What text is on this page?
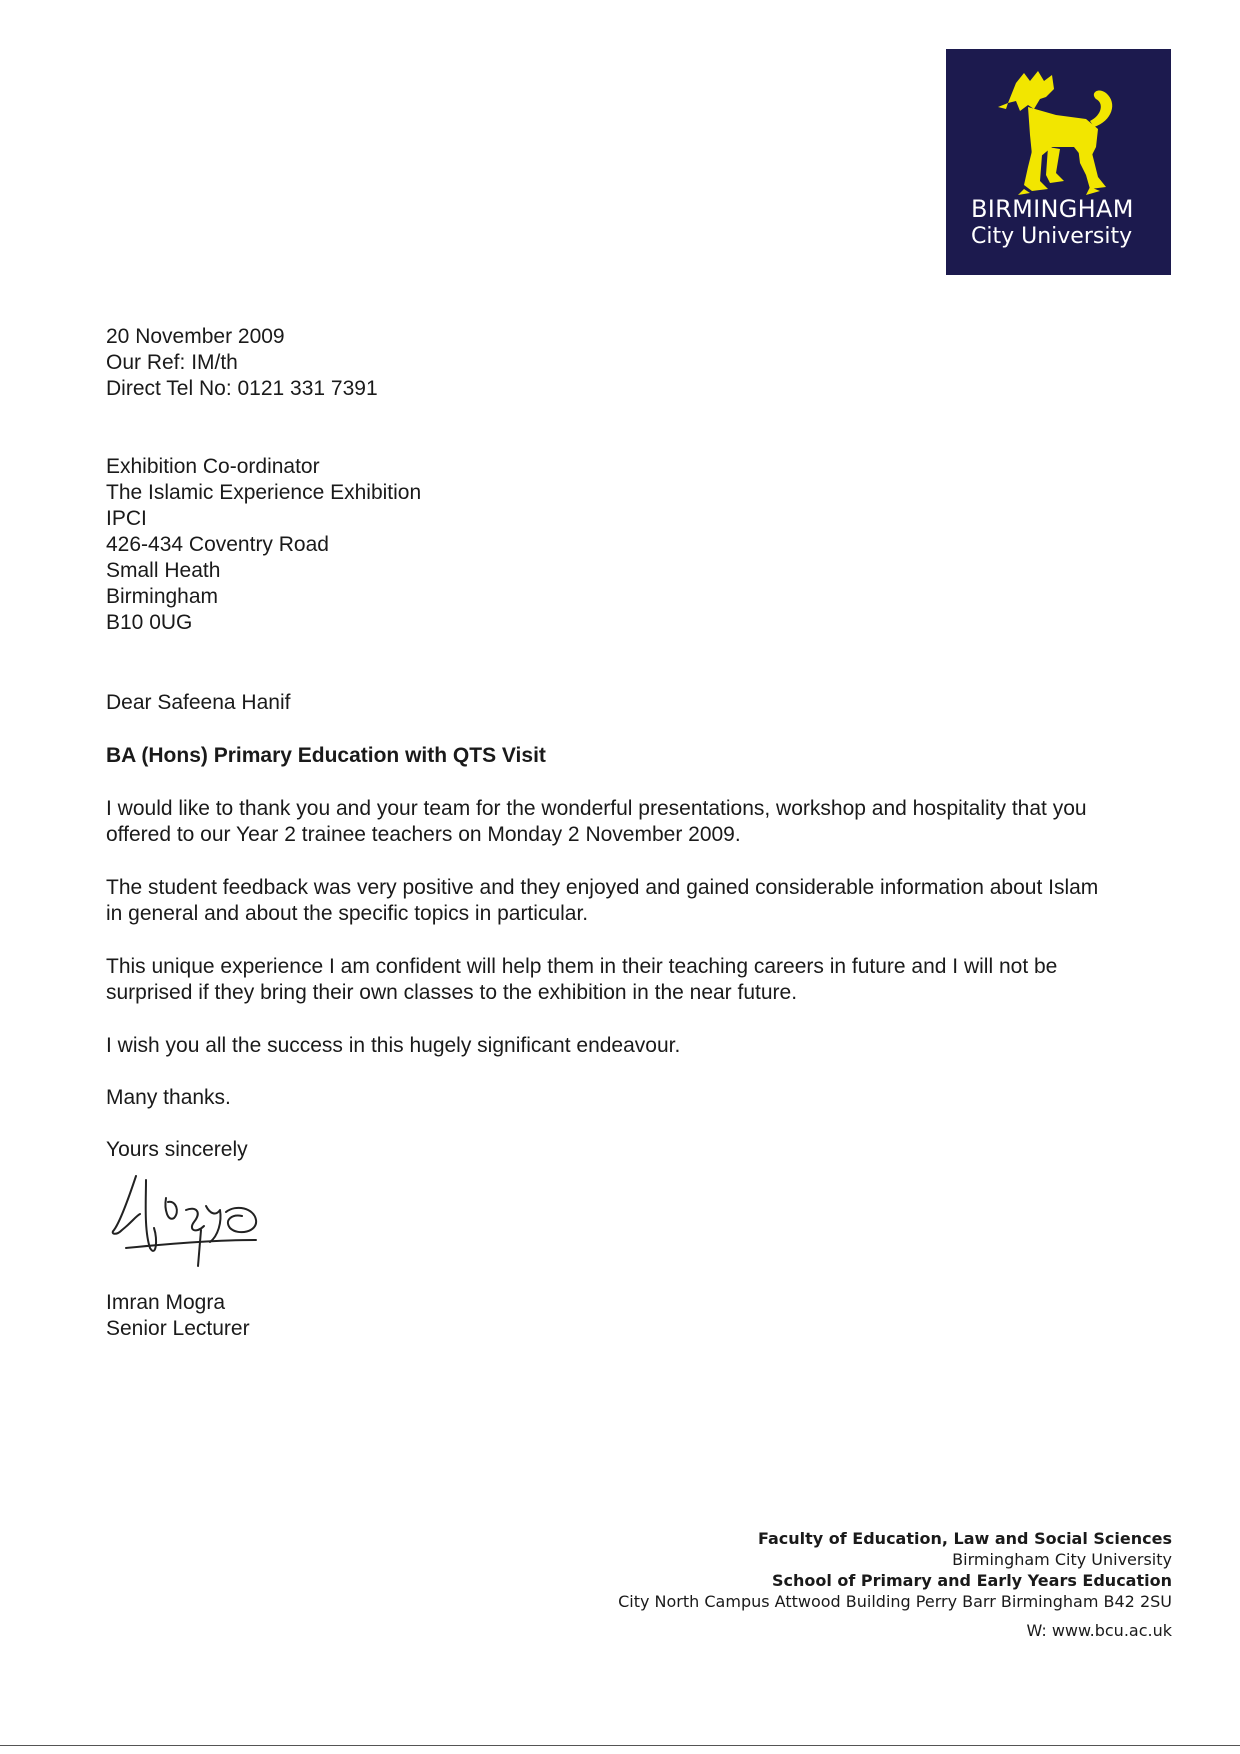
BIRMINGHAM
City University
20 November 2009
Our Ref: IM/th
Direct Tel No: 0121 331 7391
Exhibition Co-ordinator
The Islamic Experience Exhibition
IPCI
426-434 Coventry Road
Small Heath
Birmingham
B10 0UG
Dear Safeena Hanif
BA (Hons) Primary Education with QTS Visit
I would like to thank you and your team for the wonderful presentations, workshop and hospitality that you offered to our Year 2 trainee teachers on Monday 2 November 2009.
The student feedback was very positive and they enjoyed and gained considerable information about Islam in general and about the specific topics in particular.
This unique experience I am confident will help them in their teaching careers in future and I will not be surprised if they bring their own classes to the exhibition in the near future.
I wish you all the success in this hugely significant endeavour.
Many thanks.
Yours sincerely
Imran Mogra
Senior Lecturer
Faculty of Education, Law and Social Sciences
Birmingham City University
School of Primary and Early Years Education
City North Campus Attwood Building Perry Barr Birmingham B42 2SU
W: www.bcu.ac.uk
